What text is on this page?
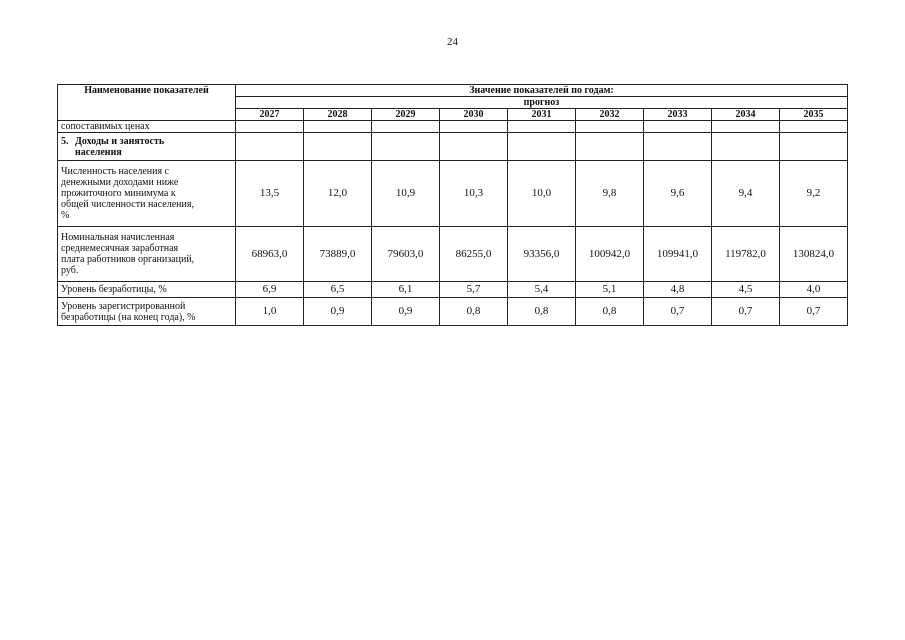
24
Наименование показателей	Значение показателей по годам:								
	прогноз								
	2027	2028	2029	2030	2031	2032	2033	2034	2035
сопоставимых ценах									

5. Доходы и занятость
населения									

Численность населения с
денежными доходами ниже
прожиточного минимума к
общей численности населения,
%	13,5	12,0	10,9	10,3	10,0	9,8	9,6	9,4	9,2

Номинальная начисленная
среднемесячная заработная
плата работников организаций,
руб.	68963,0	73889,0	79603,0	86255,0	93356,0	100942,0	109941,0	119782,0	130824,0

Уровень безработицы, %	6,9	6,5	6,1	5,7	5,4	5,1	4,8	4,5	4,0

Уровень зарегистрированной
безработицы (на конец года), %	1,0	0,9	0,9	0,8	0,8	0,8	0,7	0,7	0,7
